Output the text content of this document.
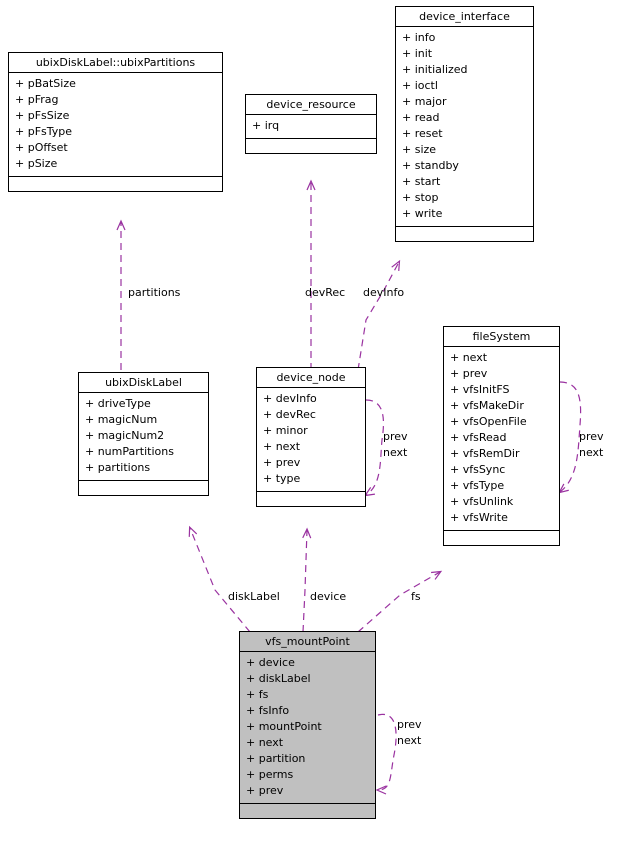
device_interface
+ info
+ init
+ initialized
+ ioctl
+ major
+ read
+ reset
+ size
+ standby
+ start
+ stop
+ write
ubixDiskLabel::ubixPartitions
+ pBatSize
+ pFrag
+ pFsSize
+ pFsType
+ pOffset
+ pSize
device_resource
+ irq
fileSystem
+ next
+ prev
+ vfsInitFS
+ vfsMakeDir
+ vfsOpenFile
+ vfsRead
+ vfsRemDir
+ vfsSync
+ vfsType
+ vfsUnlink
+ vfsWrite
ubixDiskLabel
+ driveType
+ magicNum
+ magicNum2
+ numPartitions
+ partitions
device_node
+ devInfo
+ devRec
+ minor
+ next
+ prev
+ type
vfs_mountPoint
+ device
+ diskLabel
+ fs
+ fsInfo
+ mountPoint
+ next
+ partition
+ perms
+ prev
partitions	devRec devInfo
prev
next
prev
next
diskLabel	device	fs
prev
next
